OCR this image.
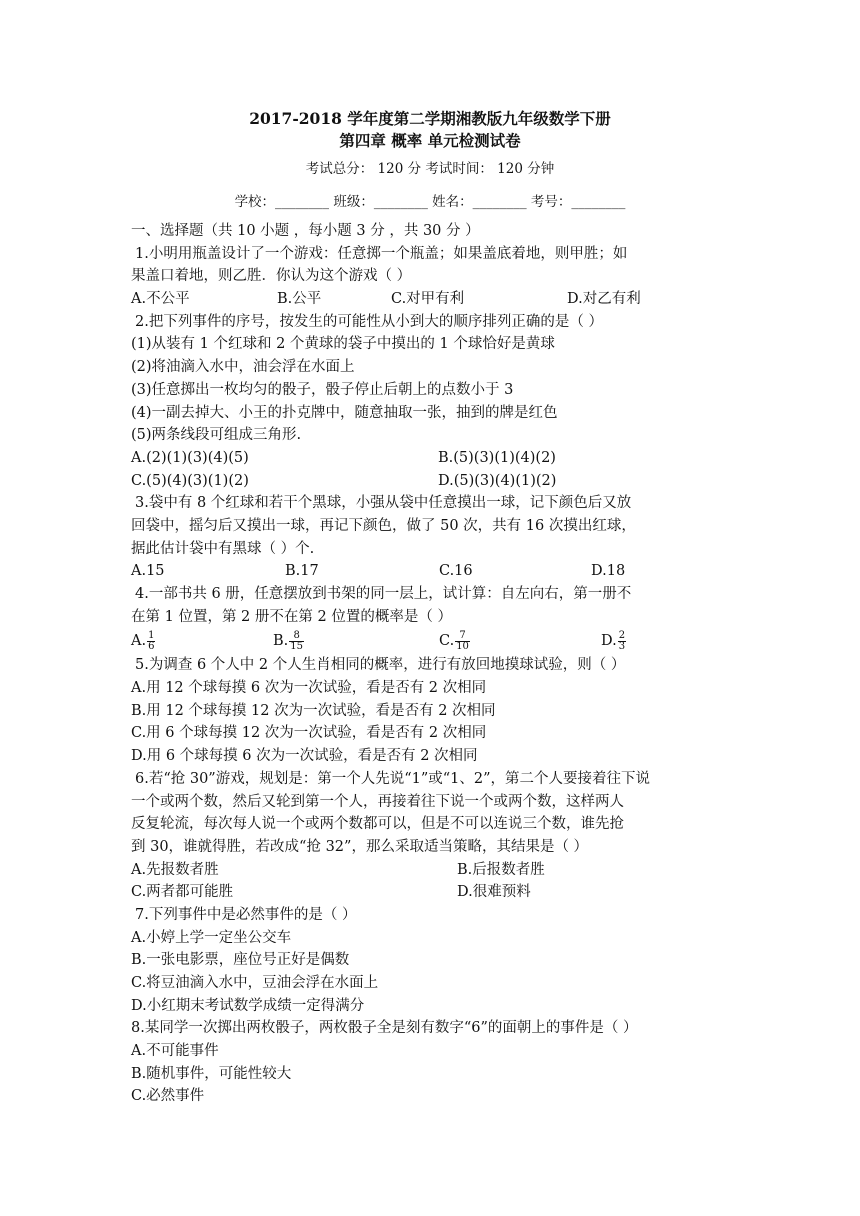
2017-2018 学年度第二学期湘教版九年级数学下册
第四章 概率 单元检测试卷
考试总分： 120 分 考试时间： 120 分钟
学校：________ 班级：________ 姓名：________ 考号：________
一、选择题（共 10 小题 ，每小题 3 分 ，共 30 分 ）
1.小明用瓶盖设计了一个游戏：任意掷一个瓶盖；如果盖底着地，则甲胜；如
果盖口着地，则乙胜．你认为这个游戏（ ）
A.不公平	B.公平	C.对甲有利	D.对乙有利
2.把下列事件的序号，按发生的可能性从小到大的顺序排列正确的是（ ）
(1)从装有 1 个红球和 2 个黄球的袋子中摸出的 1 个球恰好是黄球
(2)将油滴入水中，油会浮在水面上
(3)任意掷出一枚均匀的骰子，骰子停止后朝上的点数小于 3
(4)一副去掉大、小王的扑克牌中，随意抽取一张，抽到的牌是红色
(5)两条线段可组成三角形.
A.(2)(1)(3)(4)(5)	B.(5)(3)(1)(4)(2)
C.(5)(4)(3)(1)(2)	D.(5)(3)(4)(1)(2)
3.袋中有 8 个红球和若干个黑球，小强从袋中任意摸出一球，记下颜色后又放
回袋中，摇匀后又摸出一球，再记下颜色，做了 50 次，共有 16 次摸出红球，
据此估计袋中有黑球（ ）个.
A.15	B.17	C.16	D.18
4.一部书共 6 册，任意摆放到书架的同一层上，试计算：自左向右，第一册不
在第 1 位置，第 2 册不在第 2 位置的概率是（ ）
A. $\frac{1}{6}$	B. $\frac{8}{15}$	C. $\frac{7}{10}$	D. $\frac{2}{3}$
5.为调查 6 个人中 2 个人生肖相同的概率，进行有放回地摸球试验，则（ ）
A.用 12 个球每摸 6 次为一次试验，看是否有 2 次相同
B.用 12 个球每摸 12 次为一次试验，看是否有 2 次相同
C.用 6 个球每摸 12 次为一次试验，看是否有 2 次相同
D.用 6 个球每摸 6 次为一次试验，看是否有 2 次相同
6.若“抢 30”游戏，规划是：第一个人先说“1”或“1、2”，第二个人要接着往下说
一个或两个数，然后又轮到第一个人，再接着往下说一个或两个数，这样两人
反复轮流，每次每人说一个或两个数都可以，但是不可以连说三个数，谁先抢
到 30，谁就得胜，若改成“抢 32”，那么采取适当策略，其结果是（ ）
A.先报数者胜	B.后报数者胜
C.两者都可能胜	D.很难预料
7.下列事件中是必然事件的是（ ）
A.小婷上学一定坐公交车
B.一张电影票，座位号正好是偶数
C.将豆油滴入水中，豆油会浮在水面上
D.小红期末考试数学成绩一定得满分
8.某同学一次掷出两枚骰子，两枚骰子全是刻有数字“6”的面朝上的事件是（ ）
A.不可能事件
B.随机事件，可能性较大
C.必然事件
